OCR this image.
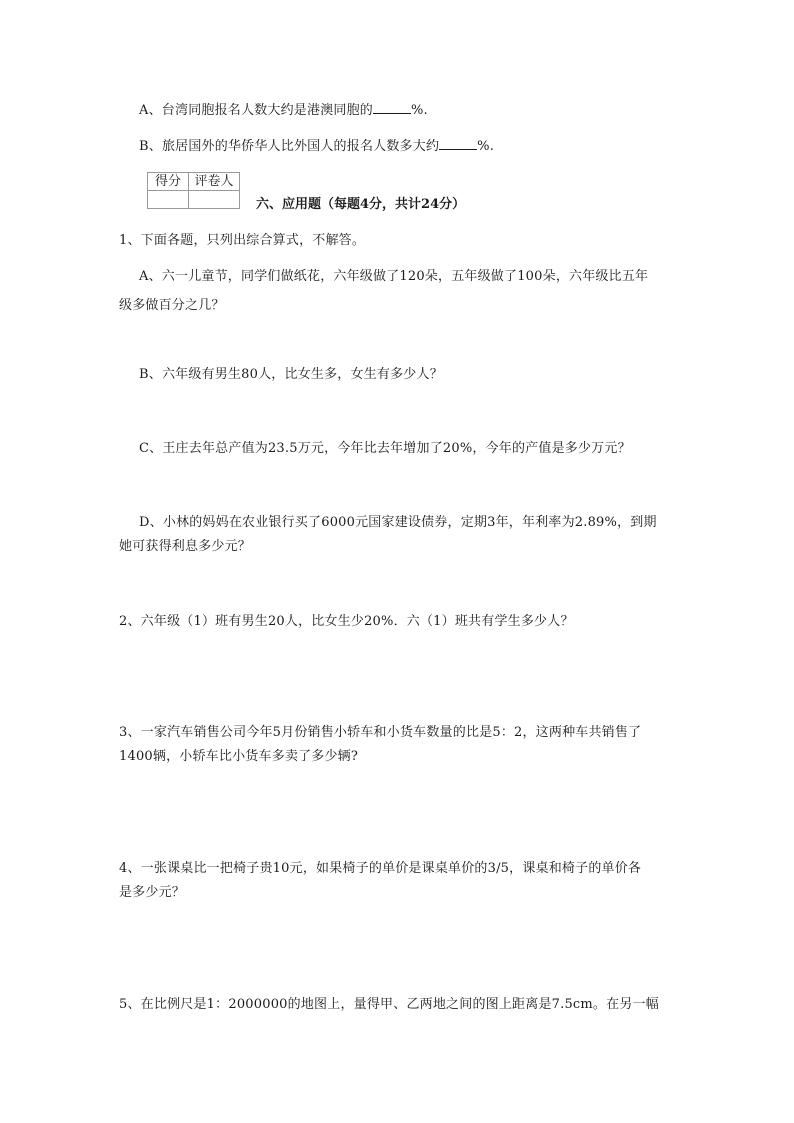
A、台湾同胞报名人数大约是港澳同胞的	%.
B、旅居国外的华侨华人比外国人的报名人数多大约	%.
得分	评卷人

六、应用题（每题4分，共计24分）
1、下面各题，只列出综合算式，不解答。
A、六一儿童节，同学们做纸花，六年级做了120朵，五年级做了100朵，六年级比五年
级多做百分之几？
B、六年级有男生80人，比女生多，女生有多少人？
C、王庄去年总产值为23.5万元，今年比去年增加了20%，今年的产值是多少万元？
D、小林的妈妈在农业银行买了6000元国家建设债券，定期3年，年利率为2.89%，到期
她可获得利息多少元？
2、六年级（1）班有男生20人，比女生少20%．六（1）班共有学生多少人？
3、一家汽车销售公司今年5月份销售小轿车和小货车数量的比是5：2，这两种车共销售了
1400辆，小轿车比小货车多卖了多少辆?
4、一张课桌比一把椅子贵10元，如果椅子的单价是课桌单价的3/5，课桌和椅子的单价各
是多少元？
5、在比例尺是1：2000000的地图上，量得甲、乙两地之间的图上距离是7.5cm。在另一幅
